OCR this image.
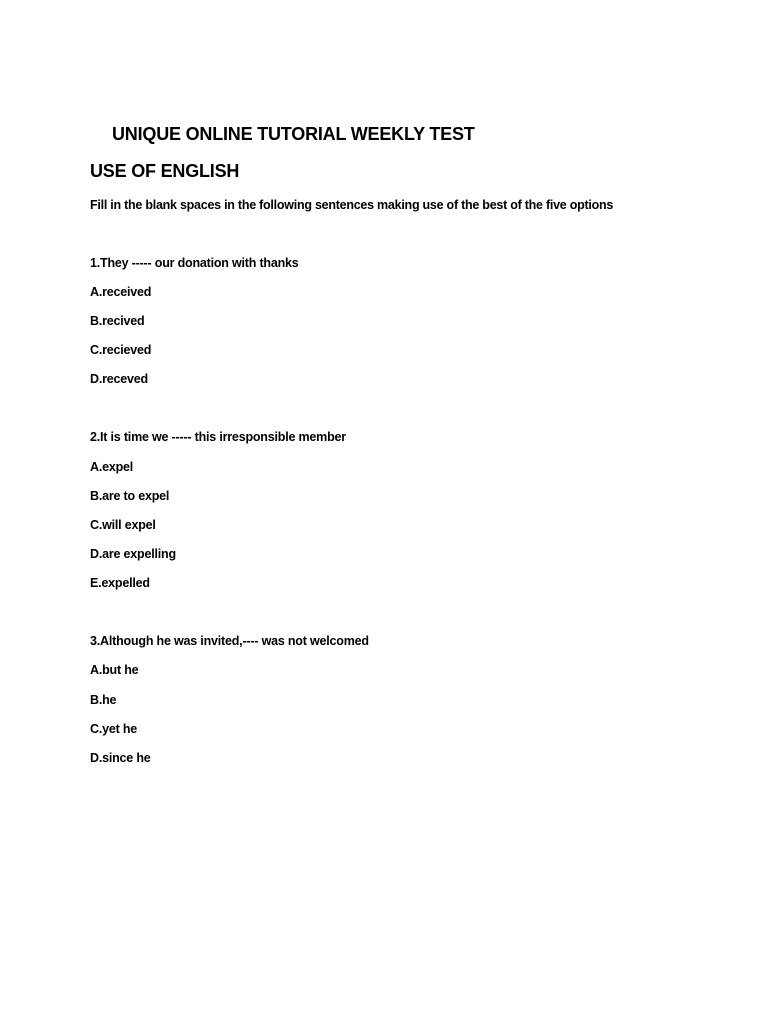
UNIQUE ONLINE TUTORIAL WEEKLY TEST
USE OF ENGLISH
Fill in the blank spaces in the following sentences making use of the best of the five options
1.They ----- our donation with thanks
A.received
B.recived
C.recieved
D.receved
2.It is time we ----- this irresponsible member
A.expel
B.are to expel
C.will expel
D.are expelling
E.expelled
3.Although he was invited,---- was not welcomed
A.but he
B.he
C.yet he
D.since he
